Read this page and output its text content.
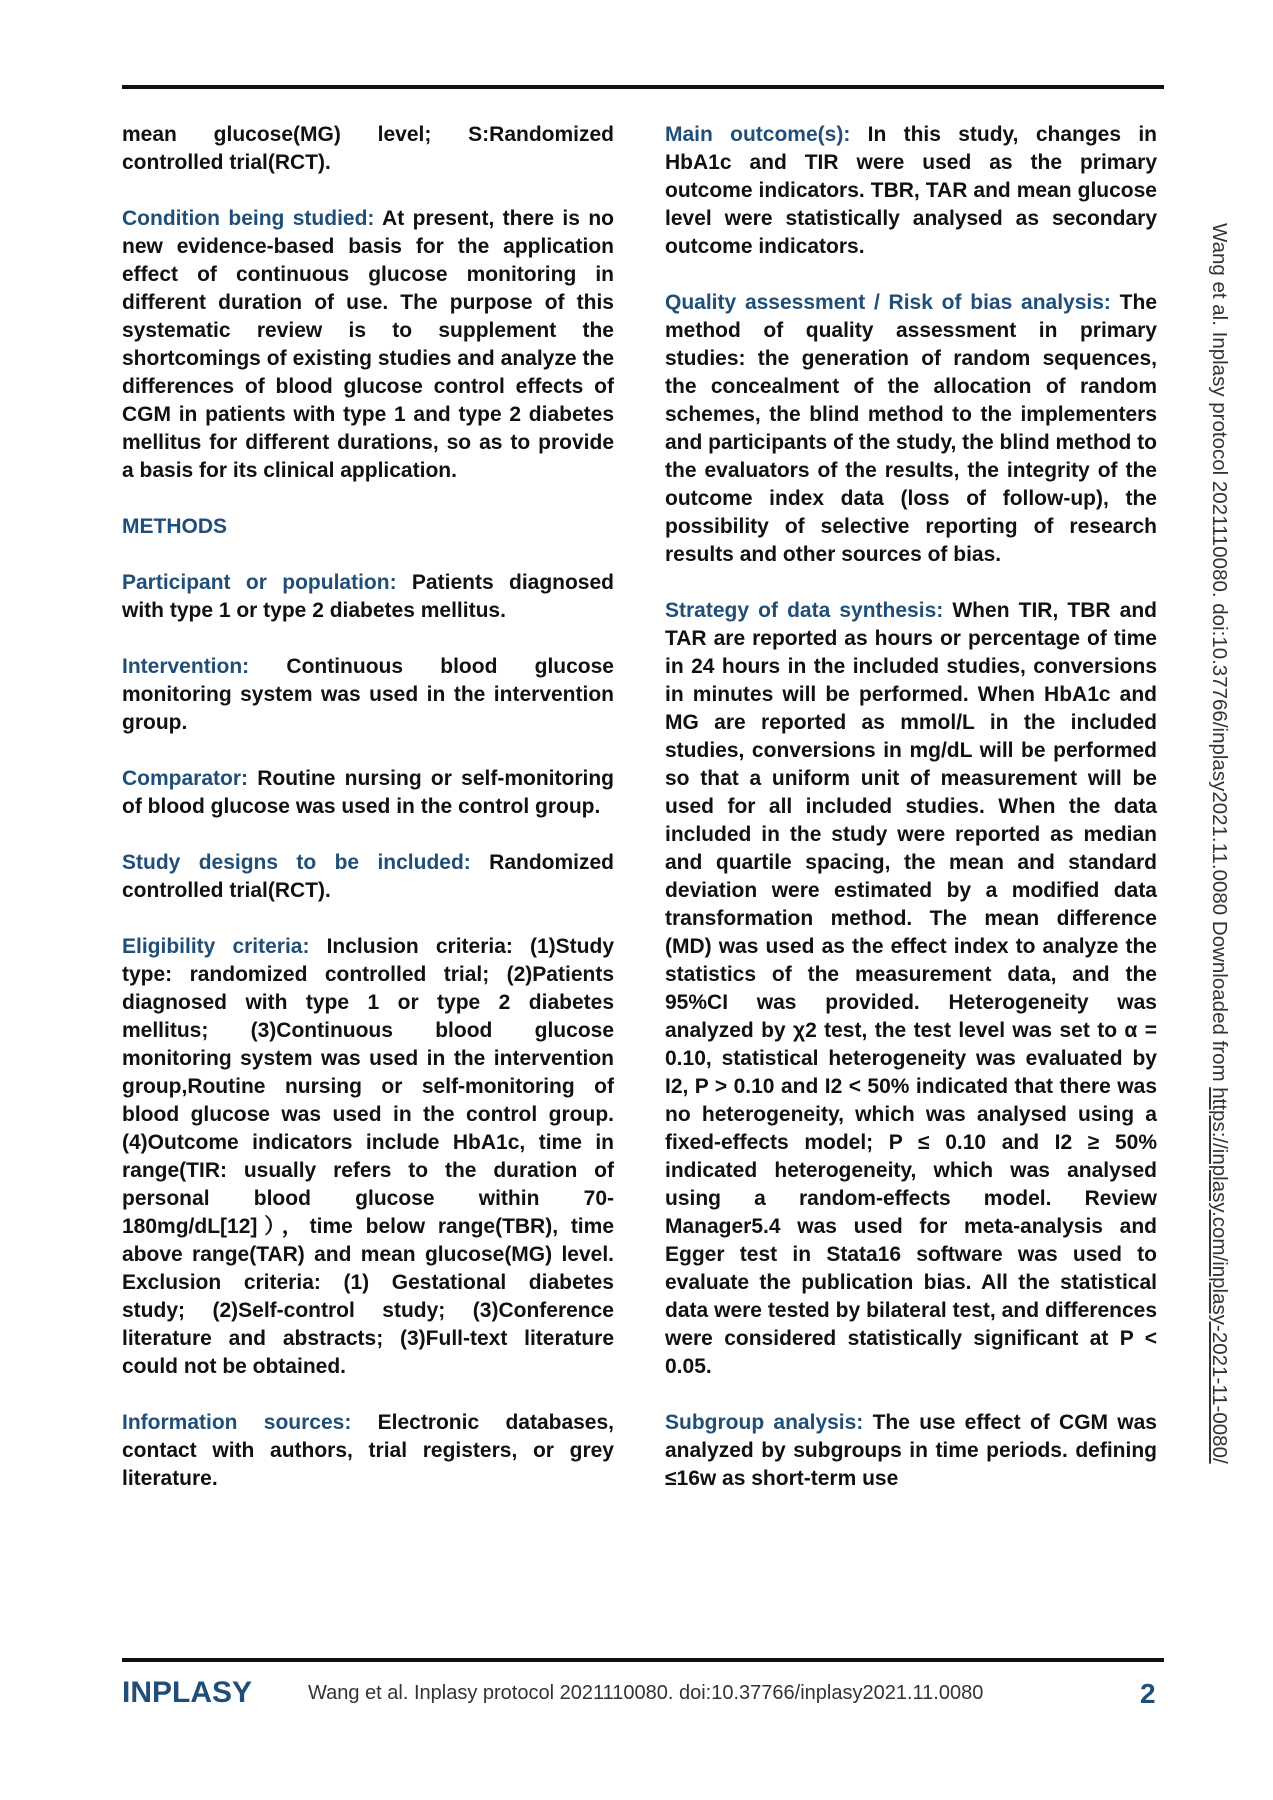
mean glucose(MG) level; S:Randomized controlled trial(RCT).

Condition being studied: At present, there is no new evidence-based basis for the application effect of continuous glucose monitoring in different duration of use. The purpose of this systematic review is to supplement the shortcomings of existing studies and analyze the differences of blood glucose control effects of CGM in patients with type 1 and type 2 diabetes mellitus for different durations, so as to provide a basis for its clinical application.

METHODS

Participant or population: Patients diagnosed with type 1 or type 2 diabetes mellitus.

Intervention: Continuous blood glucose monitoring system was used in the intervention group.

Comparator: Routine nursing or self-monitoring of blood glucose was used in the control group.

Study designs to be included: Randomized controlled trial(RCT).

Eligibility criteria: Inclusion criteria: (1)Study type: randomized controlled trial; (2)Patients diagnosed with type 1 or type 2 diabetes mellitus; (3)Continuous blood glucose monitoring system was used in the intervention group,Routine nursing or self-monitoring of blood glucose was used in the control group. (4)Outcome indicators include HbA1c, time in range(TIR: usually refers to the duration of personal blood glucose within 70-180mg/dL[12]），time below range(TBR), time above range(TAR) and mean glucose(MG) level. Exclusion criteria: (1) Gestational diabetes study; (2)Self-control study; (3)Conference literature and abstracts; (3)Full-text literature could not be obtained.

Information sources: Electronic databases, contact with authors, trial registers, or grey literature.

Main outcome(s): In this study, changes in HbA1c and TIR were used as the primary outcome indicators. TBR, TAR and mean glucose level were statistically analysed as secondary outcome indicators.

Quality assessment / Risk of bias analysis: The method of quality assessment in primary studies: the generation of random sequences, the concealment of the allocation of random schemes, the blind method to the implementers and participants of the study, the blind method to the evaluators of the results, the integrity of the outcome index data (loss of follow-up), the possibility of selective reporting of research results and other sources of bias.

Strategy of data synthesis: When TIR, TBR and TAR are reported as hours or percentage of time in 24 hours in the included studies, conversions in minutes will be performed. When HbA1c and MG are reported as mmol/L in the included studies, conversions in mg/dL will be performed so that a uniform unit of measurement will be used for all included studies. When the data included in the study were reported as median and quartile spacing, the mean and standard deviation were estimated by a modified data transformation method. The mean difference (MD) was used as the effect index to analyze the statistics of the measurement data, and the 95%CI was provided. Heterogeneity was analyzed by χ2 test, the test level was set to α = 0.10, statistical heterogeneity was evaluated by I2, P > 0.10 and I2 < 50% indicated that there was no heterogeneity, which was analysed using a fixed-effects model; P ≤ 0.10 and I2 ≥ 50% indicated heterogeneity, which was analysed using a random-effects model. Review Manager5.4 was used for meta-analysis and Egger test in Stata16 software was used to evaluate the publication bias. All the statistical data were tested by bilateral test, and differences were considered statistically significant at P < 0.05.

Subgroup analysis: The use effect of CGM was analyzed by subgroups in time periods. defining ≤16w as short-term use

Wang et al. Inplasy protocol 2021110080. doi:10.37766/inplasy2021.11.0080 Downloaded from https://inplasy.com/inplasy-2021-11-0080/
INPLASY	Wang et al. Inplasy protocol 2021110080. doi:10.37766/inplasy2021.11.0080	2
